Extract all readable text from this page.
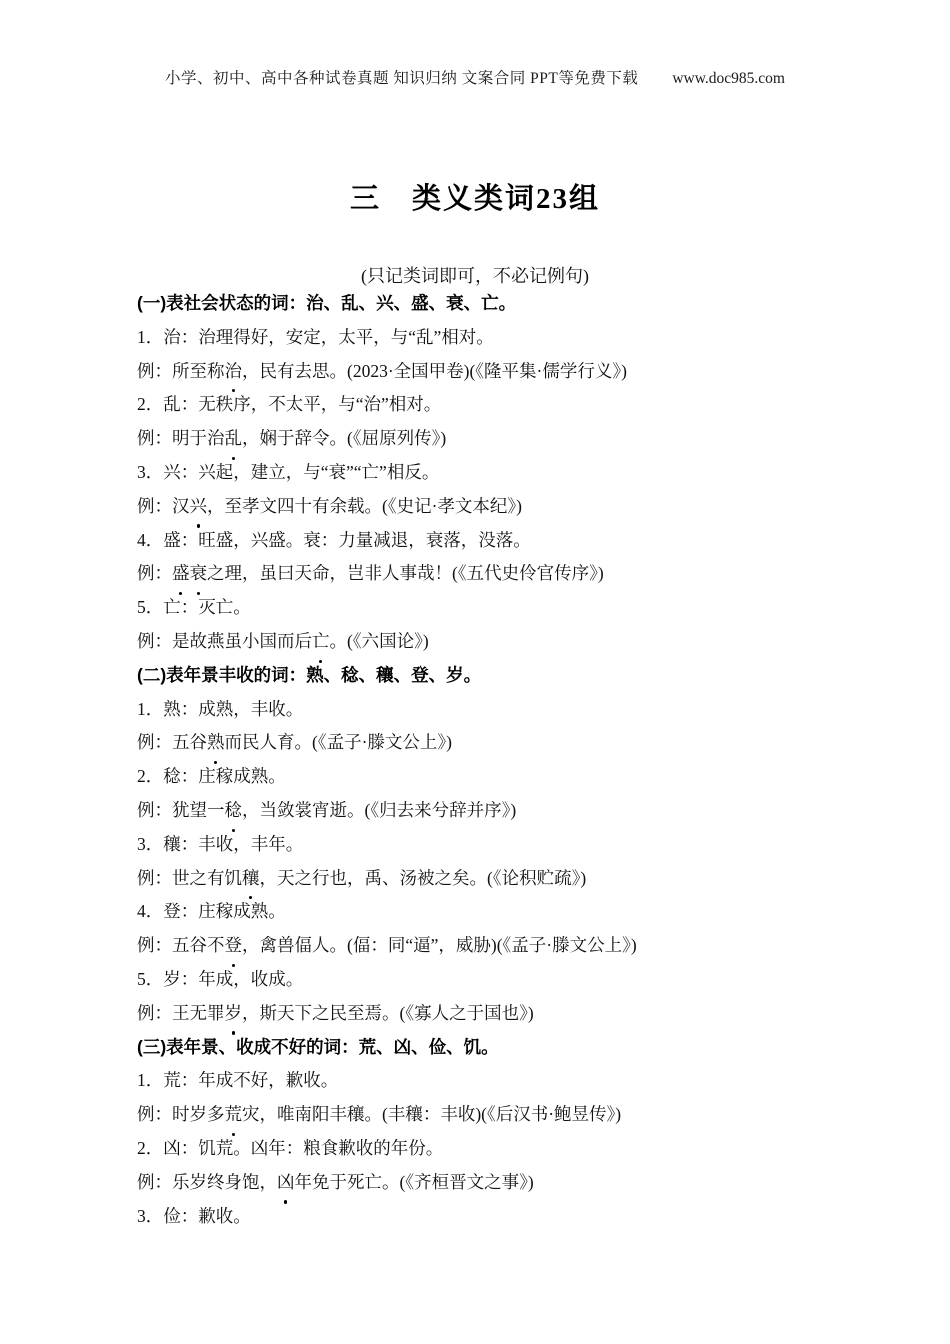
小学、初中、高中各种试卷真题 知识归纳 文案合同 PPT等免费下载 www.doc985.com
三　类义类词23组
(只记类词即可，不必记例句)
(一)表社会状态的词：治、乱、兴、盛、衰、亡。
1．治：治理得好，安定，太平，与“乱”相对。
例：所至称治，民有去思。(2023·全国甲卷)(《隆平集·儒学行义》)
2．乱：无秩序，不太平，与“治”相对。
例：明于治乱，娴于辞令。(《屈原列传》)
3．兴：兴起，建立，与“衰”“亡”相反。
例：汉兴，至孝文四十有余载。(《史记·孝文本纪》)
4．盛：旺盛，兴盛。衰：力量减退，衰落，没落。
例：盛衰之理，虽曰天命，岂非人事哉！(《五代史伶官传序》)
5．亡：灭亡。
例：是故燕虽小国而后亡。(《六国论》)
(二)表年景丰收的词：熟、稔、穰、登、岁。
1．熟：成熟，丰收。
例：五谷熟而民人育。(《孟子·滕文公上》)
2．稔：庄稼成熟。
例：犹望一稔，当敛裳宵逝。(《归去来兮辞并序》)
3．穰：丰收，丰年。
例：世之有饥穰，天之行也，禹、汤被之矣。(《论积贮疏》)
4．登：庄稼成熟。
例：五谷不登，禽兽偪人。(偪：同“逼”，威胁)(《孟子·滕文公上》)
5．岁：年成，收成。
例：王无罪岁，斯天下之民至焉。(《寡人之于国也》)
(三)表年景、收成不好的词：荒、凶、俭、饥。
1．荒：年成不好，歉收。
例：时岁多荒灾，唯南阳丰穰。(丰穰：丰收)(《后汉书·鲍昱传》)
2．凶：饥荒。凶年：粮食歉收的年份。
例：乐岁终身饱，凶年免于死亡。(《齐桓晋文之事》)
3．俭：歉收。
